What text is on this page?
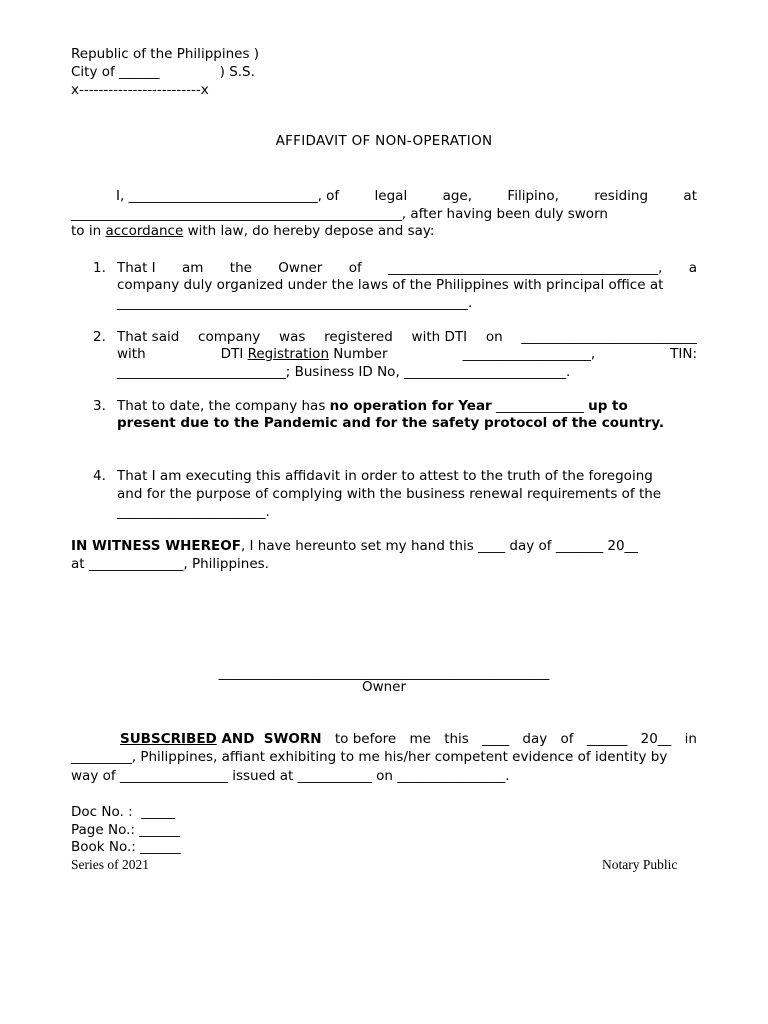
Republic of the Philippines )
City of ______              ) S.S.
x-------------------------x
AFFIDAVIT OF NON-OPERATION
I, ____________________________, of	legal	age,	Filipino,	residing	at
_________________________________________________, after having been duly sworn
to in accordance with law, do hereby depose and say:
1. That I am the Owner of ________________________________________, a
company duly organized under the laws of the Philippines with principal office at
____________________________________________________.
2. That said company was registered with DTI on __________________________
with	DTI Registration Number	___________________,	TIN:
_________________________; Business ID No, ________________________.
3. That to date, the company has no operation for Year _____________ up to
present due to the Pandemic and for the safety protocol of the country.
4. That I am executing this affidavit in order to attest to the truth of the foregoing
and for the purpose of complying with the business renewal requirements of the
______________________.
IN WITNESS WHEREOF, I have hereunto set my hand this ____ day of _______ 20__
at ______________, Philippines.
_________________________________________________
Owner
SUBSCRIBED AND  SWORN to before me this ____ day of ______ 20__ in
_________, Philippines, affiant exhibiting to me his/her competent evidence of identity by
way of ________________ issued at ___________ on ________________.
Doc No. :  _____
Page No.: ______
Book No.: ______
Series of 2021	Notary Public
